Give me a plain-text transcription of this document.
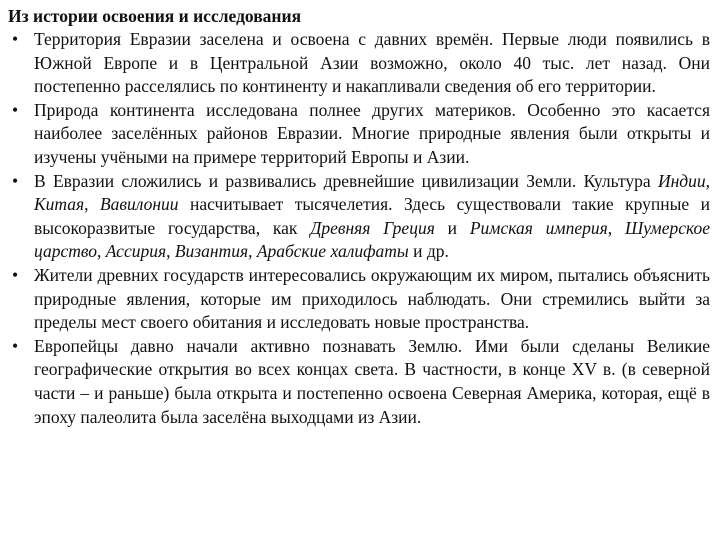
Из истории освоения и исследования
• Территория Евразии заселена и освоена с давних времён. Первые люди появились в Южной Европе и в Центральной Азии возможно, около 40 тыс. лет назад. Они постепенно расселялись по континенту и накапливали сведения об его территории.
• Природа континента исследована полнее других материков. Особенно это касается наиболее заселённых районов Евразии. Многие природные явления были открыты и изучены учёными на примере территорий Европы и Азии.
• В Евразии сложились и развивались древнейшие цивилизации Земли. Культура Индии, Китая, Вавилонии насчитывает тысячелетия. Здесь существовали такие крупные и высокоразвитые государства, как Древняя Греция и Римская империя, Шумерское царство, Ассирия, Византия, Арабские халифаты и др.
• Жители древних государств интересовались окружающим их миром, пытались объяснить природные явления, которые им приходилось наблюдать. Они стремились выйти за пределы мест своего обитания и исследовать новые пространства.
• Европейцы давно начали активно познавать Землю. Ими были сделаны Великие географические открытия во всех концах света. В частности, в конце XV в. (в северной части – и раньше) была открыта и постепенно освоена Северная Америка, которая, ещё в эпоху палеолита была заселёна выходцами из Азии.
